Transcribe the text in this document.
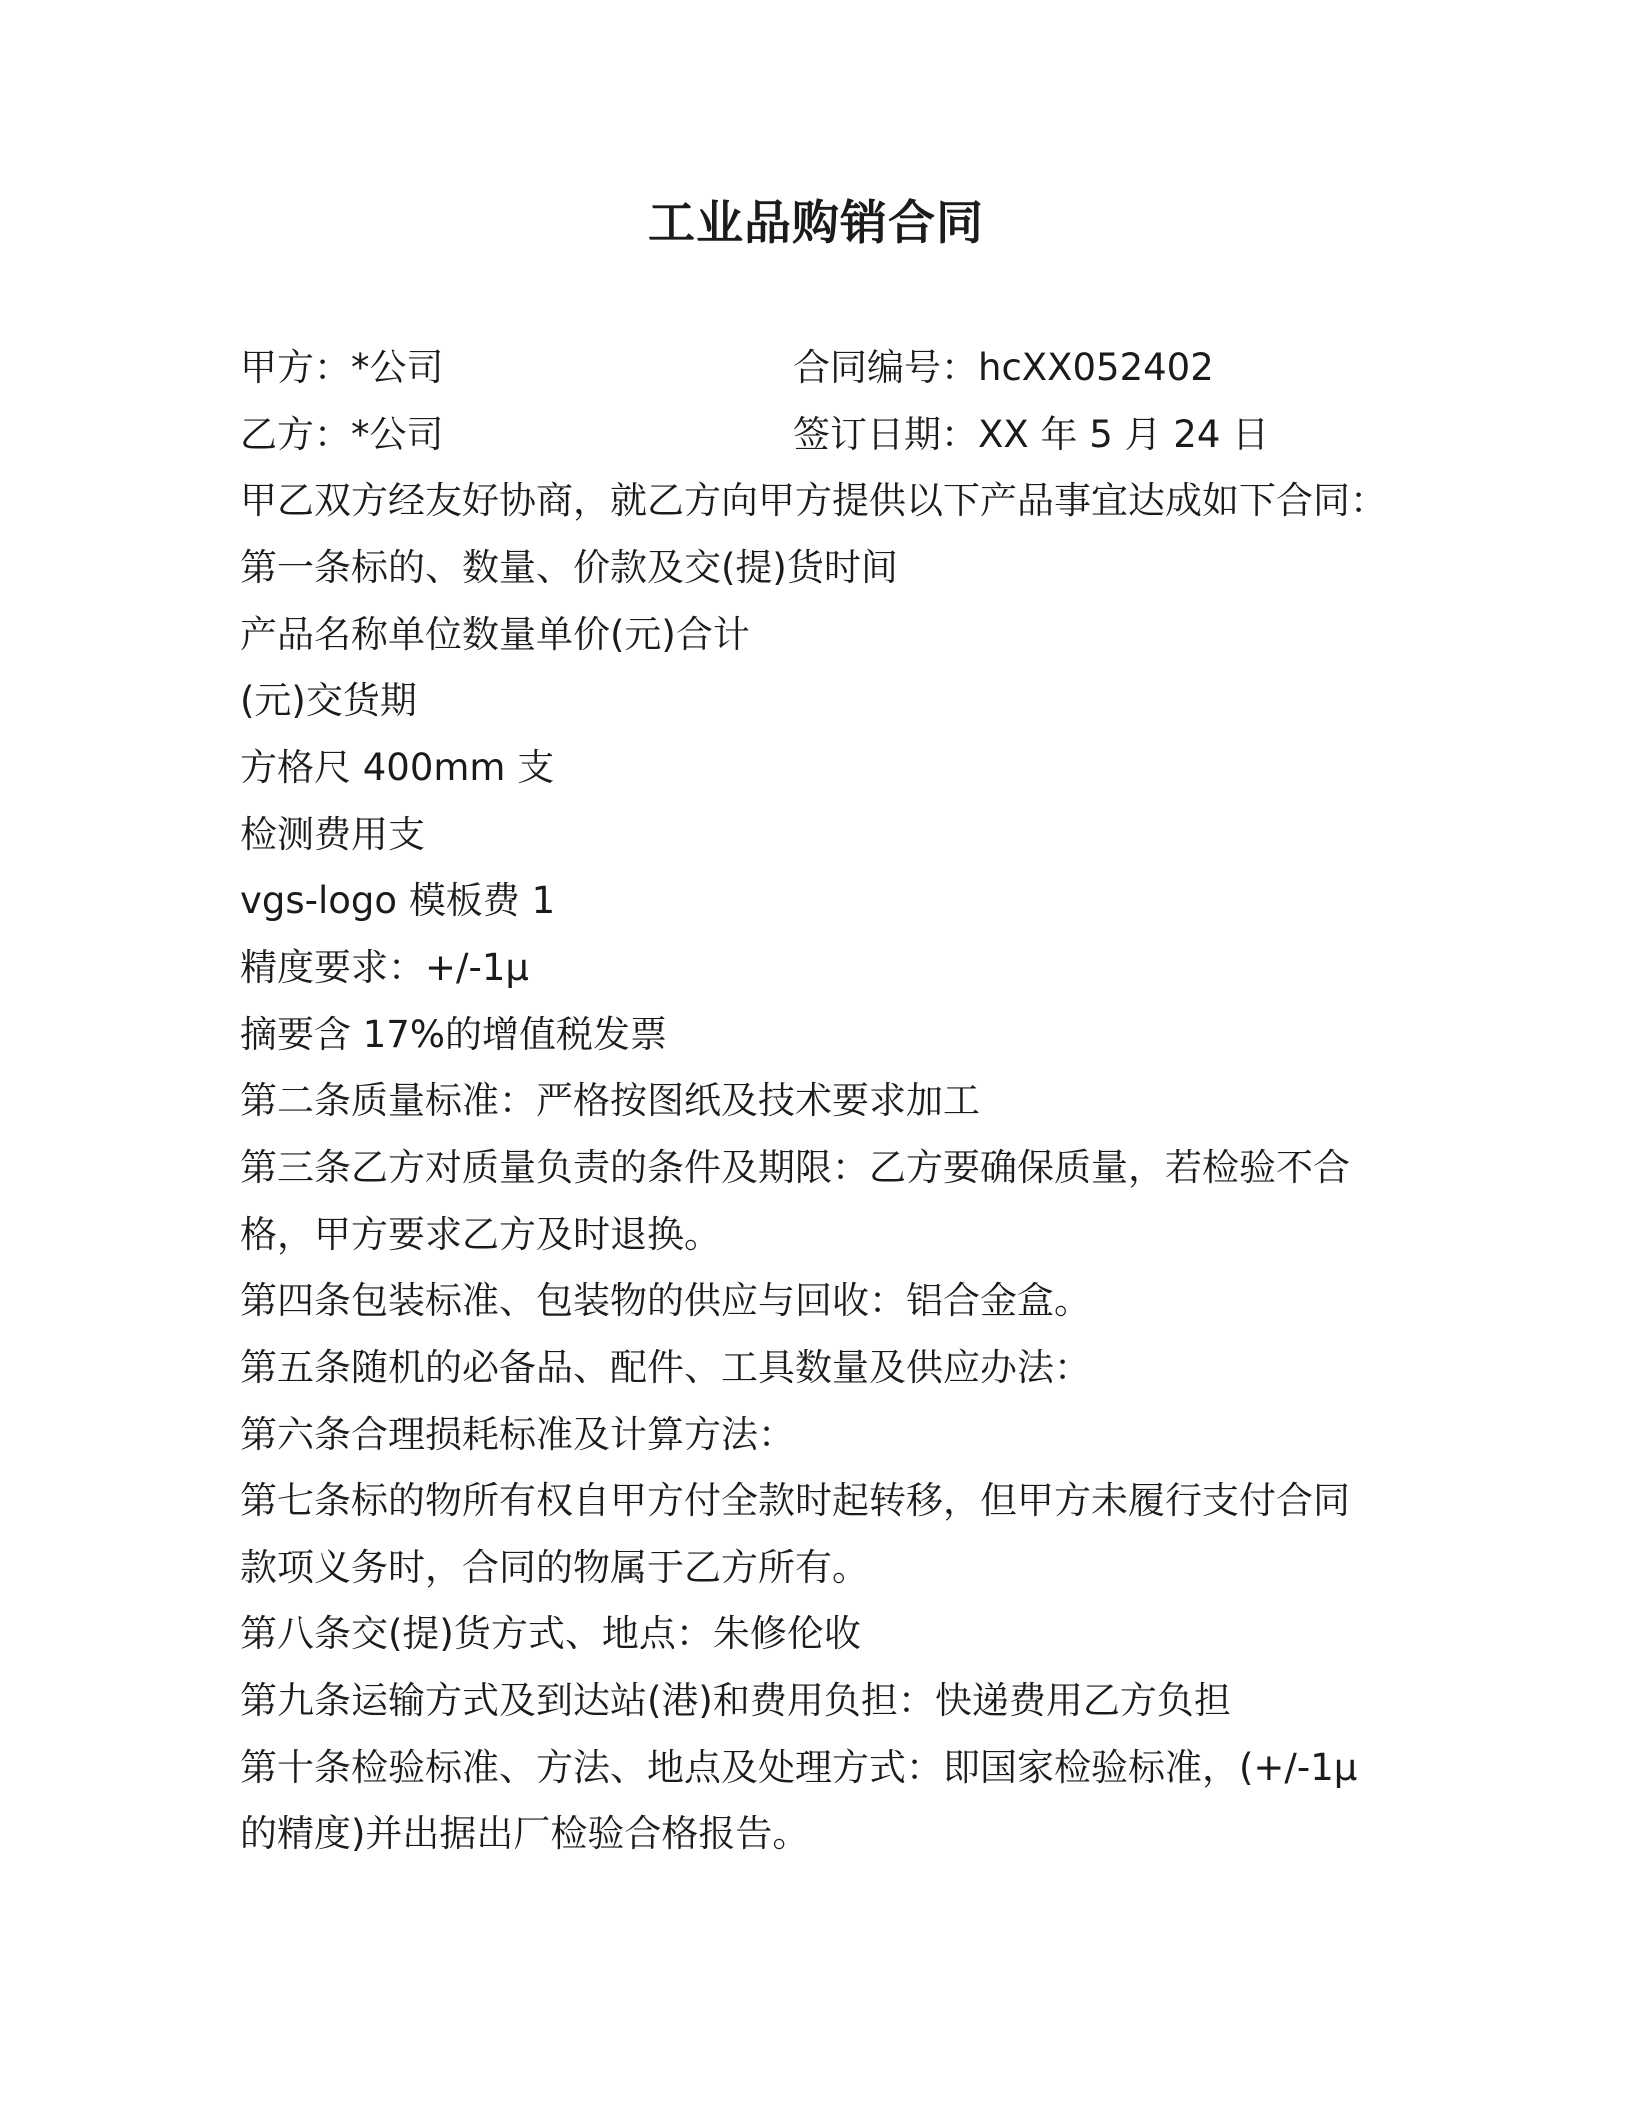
工业品购销合同
甲方：*公司	合同编号：hcXX052402
乙方：*公司	签订日期：XX 年 5 月 24 日
甲乙双方经友好协商，就乙方向甲方提供以下产品事宜达成如下合同：
第一条标的、数量、价款及交(提)货时间
产品名称单位数量单价(元)合计
(元)交货期
方格尺 400mm 支
检测费用支
vgs-logo 模板费 1
精度要求：+/-1μ
摘要含 17%的增值税发票
第二条质量标准：严格按图纸及技术要求加工
第三条乙方对质量负责的条件及期限：乙方要确保质量，若检验不合
格，甲方要求乙方及时退换。
第四条包装标准、包装物的供应与回收：铝合金盒。
第五条随机的必备品、配件、工具数量及供应办法：
第六条合理损耗标准及计算方法：
第七条标的物所有权自甲方付全款时起转移，但甲方未履行支付合同
款项义务时，合同的物属于乙方所有。
第八条交(提)货方式、地点：朱修伦收
第九条运输方式及到达站(港)和费用负担：快递费用乙方负担
第十条检验标准、方法、地点及处理方式：即国家检验标准，(+/-1μ
的精度)并出据出厂检验合格报告。
